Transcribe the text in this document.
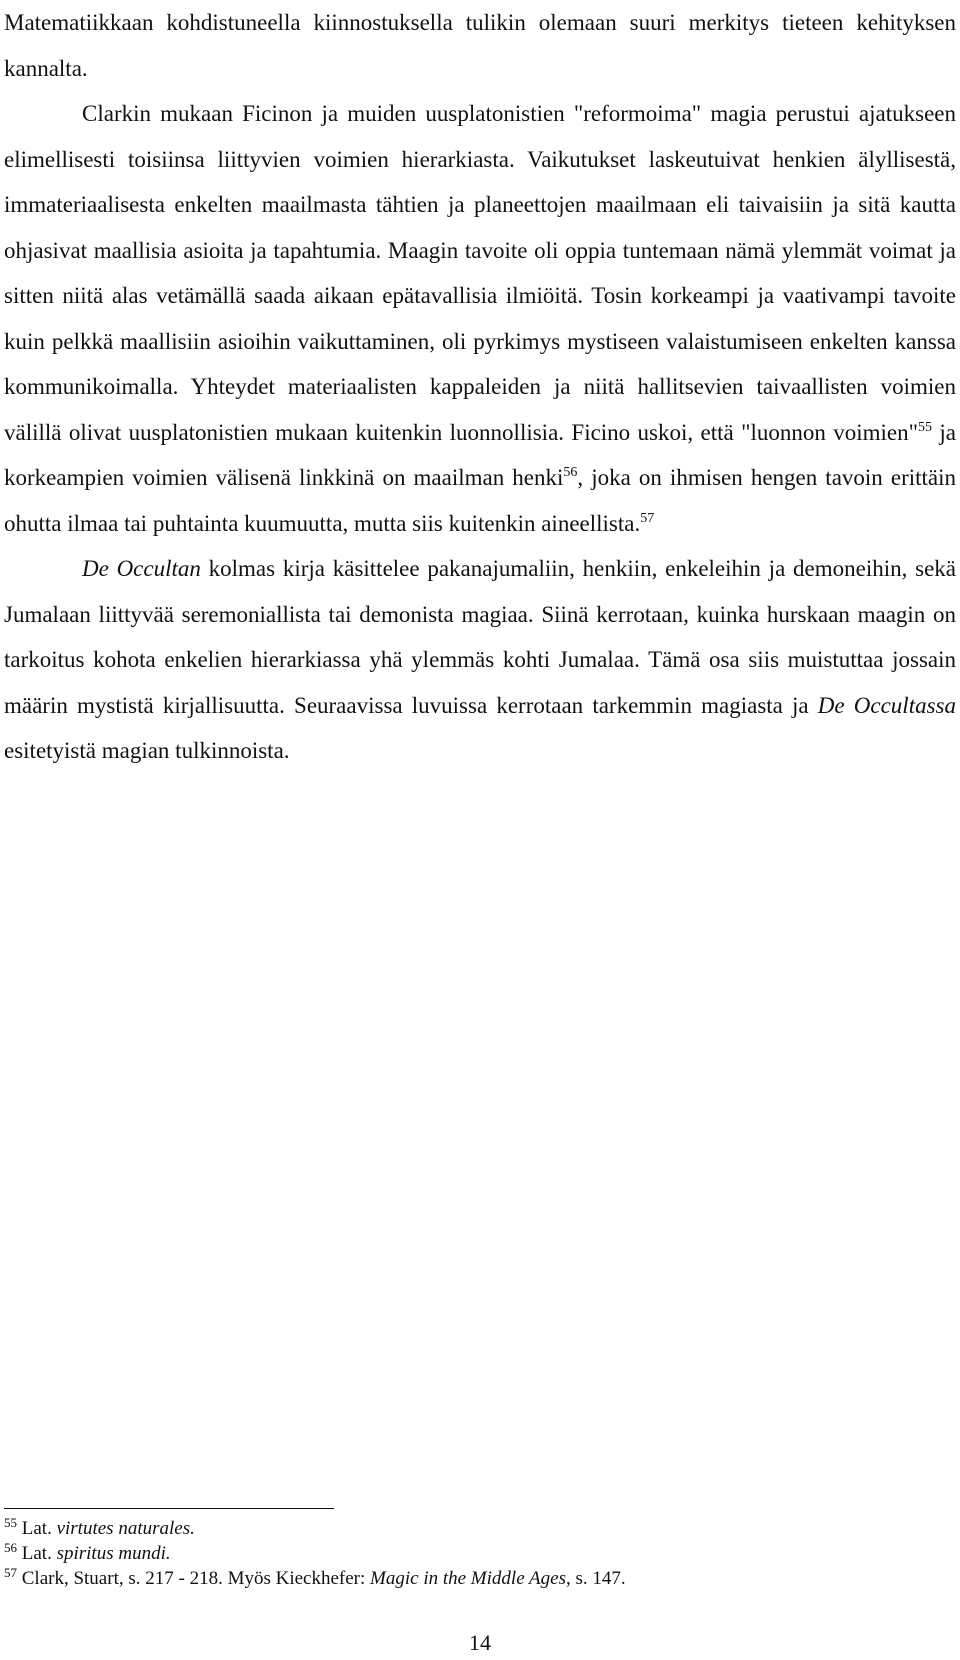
Matematiikkaan kohdistuneella kiinnostuksella tulikin olemaan suuri merkitys tieteen kehityksen kannalta.

Clarkin mukaan Ficinon ja muiden uusplatonistien "reformoima" magia perustui ajatukseen elimellisesti toisiinsa liittyvien voimien hierarkiasta. Vaikutukset laskeutuivat henkien älyllisestä, immateriaalisesta enkelten maailmasta tähtien ja planeettojen maailmaan eli taivaisiin ja sitä kautta ohjasivat maallisia asioita ja tapahtumia. Maagin tavoite oli oppia tuntemaan nämä ylemmät voimat ja sitten niitä alas vetämällä saada aikaan epätavallisia ilmiöitä. Tosin korkeampi ja vaativampi tavoite kuin pelkkä maallisiin asioihin vaikuttaminen, oli pyrkimys mystiseen valaistumiseen enkelten kanssa kommunikoimalla. Yhteydet materiaalisten kappaleiden ja niitä hallitsevien taivaallisten voimien välillä olivat uusplatonistien mukaan kuitenkin luonnollisia. Ficino uskoi, että "luonnon voimien"$^{55}$ ja korkeampien voimien välisenä linkkinä on maailman henki$^{56}$, joka on ihmisen hengen tavoin erittäin ohutta ilmaa tai puhtainta kuumuutta, mutta siis kuitenkin aineellista.$^{57}$

De Occultan kolmas kirja käsittelee pakanajumaliin, henkiin, enkeleihin ja demoneihin, sekä Jumalaan liittyvää seremoniallista tai demonista magiaa. Siinä kerrotaan, kuinka hurskaan maagin on tarkoitus kohota enkelien hierarkiassa yhä ylemmäs kohti Jumalaa. Tämä osa siis muistuttaa jossain määrin mystistä kirjallisuutta. Seuraavissa luvuissa kerrotaan tarkemmin magiasta ja De Occultassa esitetyistä magian tulkinnoista.

$^{55}$ Lat. virtutes naturales.
$^{56}$ Lat. spiritus mundi.
$^{57}$ Clark, Stuart, s. 217 - 218. Myös Kieckhefer: Magic in the Middle Ages, s. 147.
14
